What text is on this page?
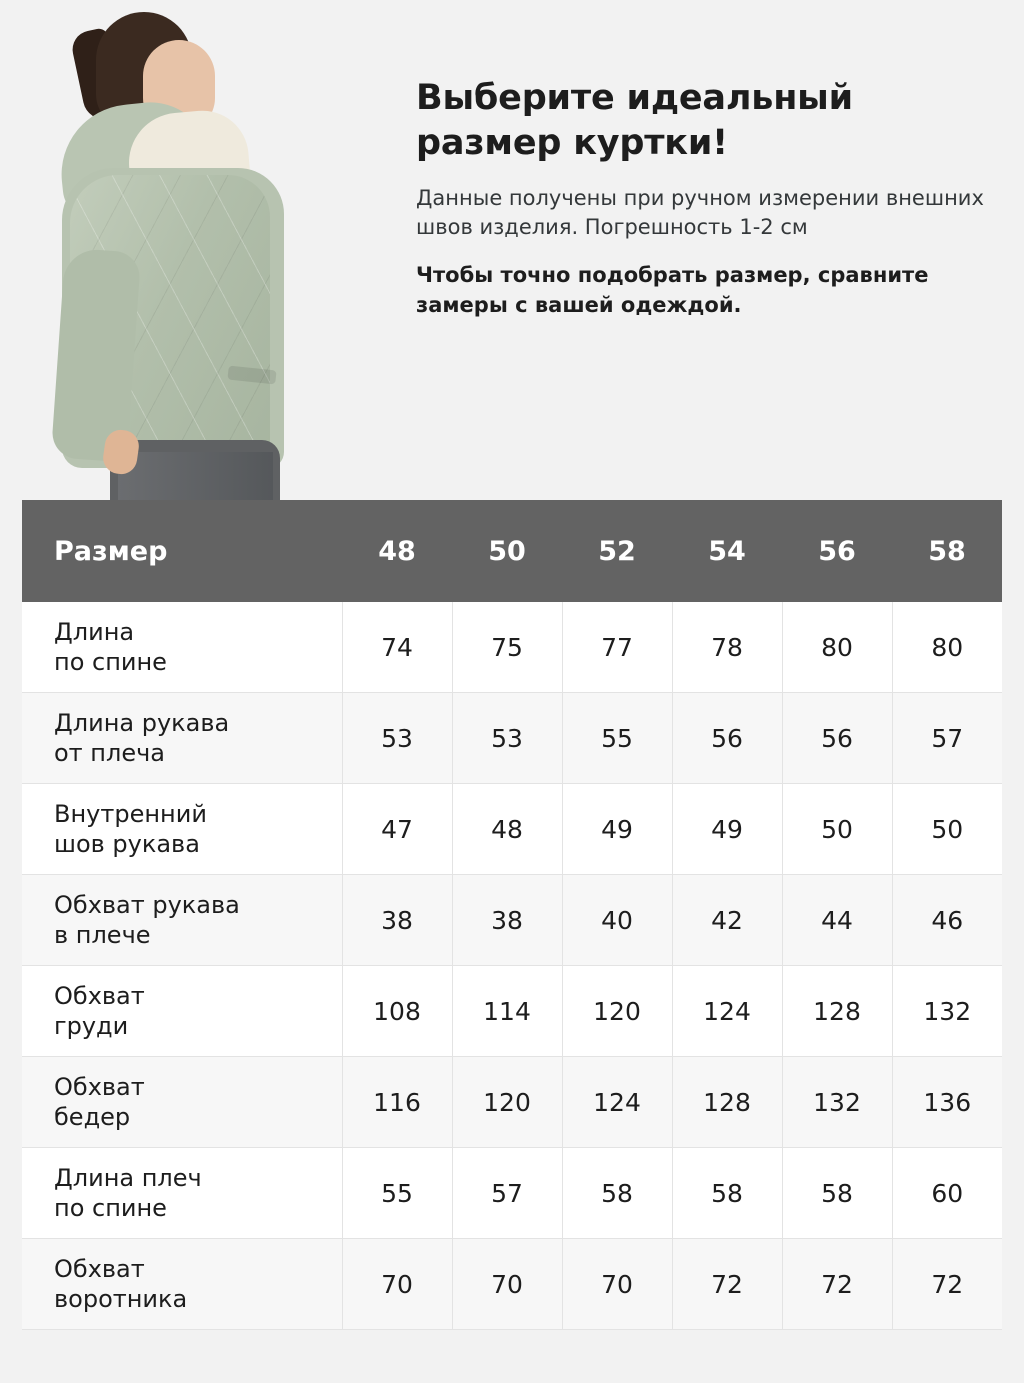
Выберите идеальный размер куртки!

Данные получены при ручном измерении внешних швов изделия. Погрешность 1-2 см

Чтобы точно подобрать размер, сравните замеры с вашей одеждой.

Размер	48	50	52	54	56	58
Длина
по спине	74	75	77	78	80	80
Длина рукава
от плеча	53	53	55	56	56	57
Внутренний
шов рукава	47	48	49	49	50	50
Обхват рукава
в плече	38	38	40	42	44	46
Обхват
груди	108	114	120	124	128	132
Обхват
бедер	116	120	124	128	132	136
Длина плеч
по спине	55	57	58	58	58	60
Обхват
воротника	70	70	70	72	72	72
